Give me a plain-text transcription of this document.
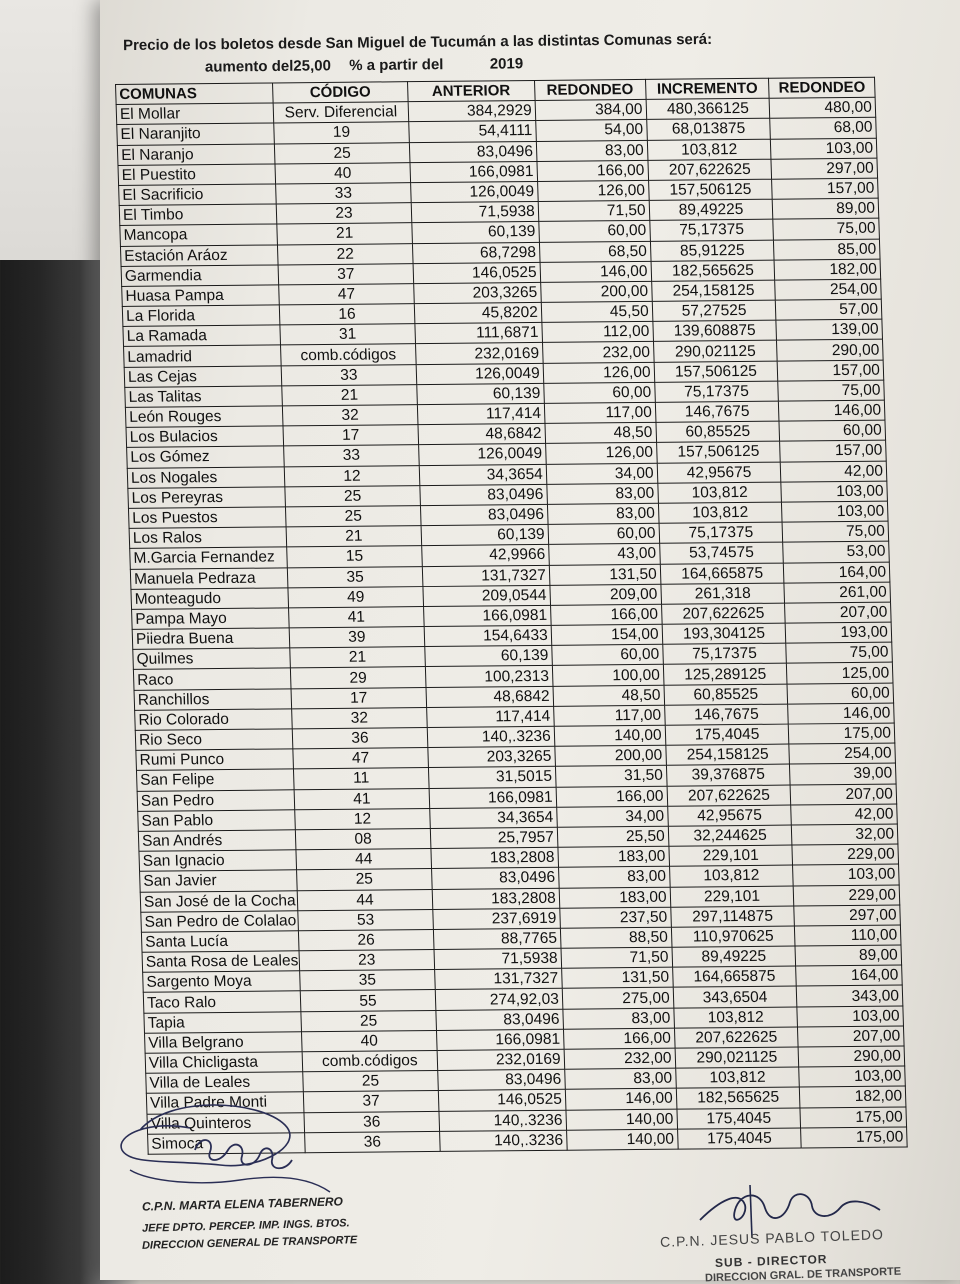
Precio de los boletos desde San Miguel de Tucumán a las distintas Comunas será:
aumento del25,00 % a partir del	2019
COMUNAS	CÓDIGO	ANTERIOR	REDONDEO	INCREMENTO	REDONDEO
El Mollar	Serv. Diferencial	384,2929	384,00	480,366125	480,00
El Naranjito	19	54,4111	54,00	68,013875	68,00
El Naranjo	25	83,0496	83,00	103,812	103,00
El Puestito	40	166,0981	166,00	207,622625	297,00
El Sacrificio	33	126,0049	126,00	157,506125	157,00
El Timbo	23	71,5938	71,50	89,49225	89,00
Mancopa	21	60,139	60,00	75,17375	75,00
Estación Aráoz	22	68,7298	68,50	85,91225	85,00
Garmendia	37	146,0525	146,00	182,565625	182,00
Huasa Pampa	47	203,3265	200,00	254,158125	254,00
La Florida	16	45,8202	45,50	57,27525	57,00
La Ramada	31	111,6871	112,00	139,608875	139,00
Lamadrid	comb.códigos	232,0169	232,00	290,021125	290,00
Las Cejas	33	126,0049	126,00	157,506125	157,00
Las Talitas	21	60,139	60,00	75,17375	75,00
León Rouges	32	117,414	117,00	146,7675	146,00
Los Bulacios	17	48,6842	48,50	60,85525	60,00
Los Gómez	33	126,0049	126,00	157,506125	157,00
Los Nogales	12	34,3654	34,00	42,95675	42,00
Los Pereyras	25	83,0496	83,00	103,812	103,00
Los Puestos	25	83,0496	83,00	103,812	103,00
Los Ralos	21	60,139	60,00	75,17375	75,00
M.Garcia Fernandez	15	42,9966	43,00	53,74575	53,00
Manuela Pedraza	35	131,7327	131,50	164,665875	164,00
Monteagudo	49	209,0544	209,00	261,318	261,00
Pampa Mayo	41	166,0981	166,00	207,622625	207,00
Piiedra Buena	39	154,6433	154,00	193,304125	193,00
Quilmes	21	60,139	60,00	75,17375	75,00
Raco	29	100,2313	100,00	125,289125	125,00
Ranchillos	17	48,6842	48,50	60,85525	60,00
Rio Colorado	32	117,414	117,00	146,7675	146,00
Rio Seco	36	140,.3236	140,00	175,4045	175,00
Rumi Punco	47	203,3265	200,00	254,158125	254,00
San Felipe	11	31,5015	31,50	39,376875	39,00
San Pedro	41	166,0981	166,00	207,622625	207,00
San Pablo	12	34,3654	34,00	42,95675	42,00
San Andrés	08	25,7957	25,50	32,244625	32,00
San Ignacio	44	183,2808	183,00	229,101	229,00
San Javier	25	83,0496	83,00	103,812	103,00
San José de la Cocha	44	183,2808	183,00	229,101	229,00
San Pedro de Colalao	53	237,6919	237,50	297,114875	297,00
Santa Lucía	26	88,7765	88,50	110,970625	110,00
Santa Rosa de Leales	23	71,5938	71,50	89,49225	89,00
Sargento Moya	35	131,7327	131,50	164,665875	164,00
Taco Ralo	55	274,92,03	275,00	343,6504	343,00
Tapia	25	83,0496	83,00	103,812	103,00
Villa Belgrano	40	166,0981	166,00	207,622625	207,00
Villa Chicligasta	comb.códigos	232,0169	232,00	290,021125	290,00
Villa de Leales	25	83,0496	83,00	103,812	103,00
Villa Padre Monti	37	146,0525	146,00	182,565625	182,00
Villa Quinteros	36	140,.3236	140,00	175,4045	175,00
Simoca	36	140,.3236	140,00	175,4045	175,00
C.P.N. MARTA ELENA TABERNERO
JEFE DPTO. PERCEP. IMP. INGS. BTOS.
DIRECCION GENERAL DE TRANSPORTE	C.P.N. JESUS PABLO TOLEDO
SUB - DIRECTOR
DIRECCION GRAL. DE TRANSPORTE
